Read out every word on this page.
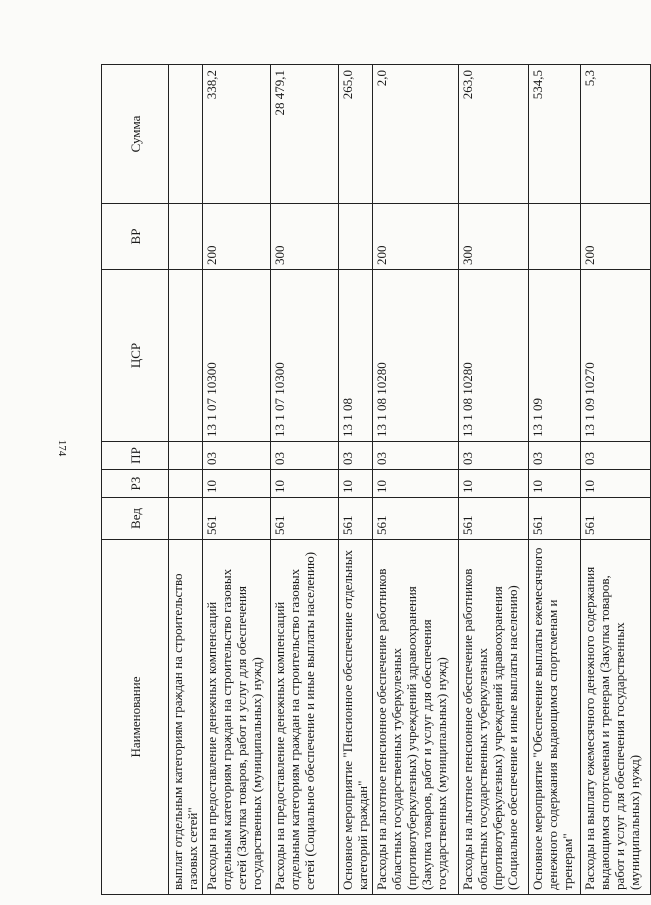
174
Наименование	Вед	РЗ	ПР	ЦСР	ВР	Сумма
выплат отдельным категориям граждан на строительство газовых сетей"						
Расходы на предоставление денежных компенсаций отдельным категориям граждан на строительство газовых сетей (Закупка товаров, работ и услуг для обеспечения государственных (муниципальных) нужд)	561	10	03	13 1 07 10300	200	338,2
Расходы на предоставление денежных компенсаций отдельным категориям граждан на строительство газовых сетей (Социальное обеспечение и иные выплаты населению)	561	10	03	13 1 07 10300	300	28 479,1
Основное мероприятие "Пенсионное обеспечение отдельных категорий граждан"	561	10	03	13 1 08		265,0
Расходы на льготное пенсионное обеспечение работников областных государственных туберкулезных (противотуберкулезных) учреждений здравоохранения (Закупка товаров, работ и услуг для обеспечения государственных (муниципальных) нужд)	561	10	03	13 1 08 10280	200	2,0
Расходы на льготное пенсионное обеспечение работников областных государственных туберкулезных (противотуберкулезных) учреждений здравоохранения (Социальное обеспечение и иные выплаты населению)	561	10	03	13 1 08 10280	300	263,0
Основное мероприятие "Обеспечение выплаты ежемесячного денежного содержания выдающимся спортсменам и тренерам"	561	10	03	13 1 09		534,5
Расходы на выплату ежемесячного денежного содержания выдающимся спортсменам и тренерам (Закупка товаров, работ и услуг для обеспечения государственных (муниципальных) нужд)	561	10	03	13 1 09 10270	200	5,3
